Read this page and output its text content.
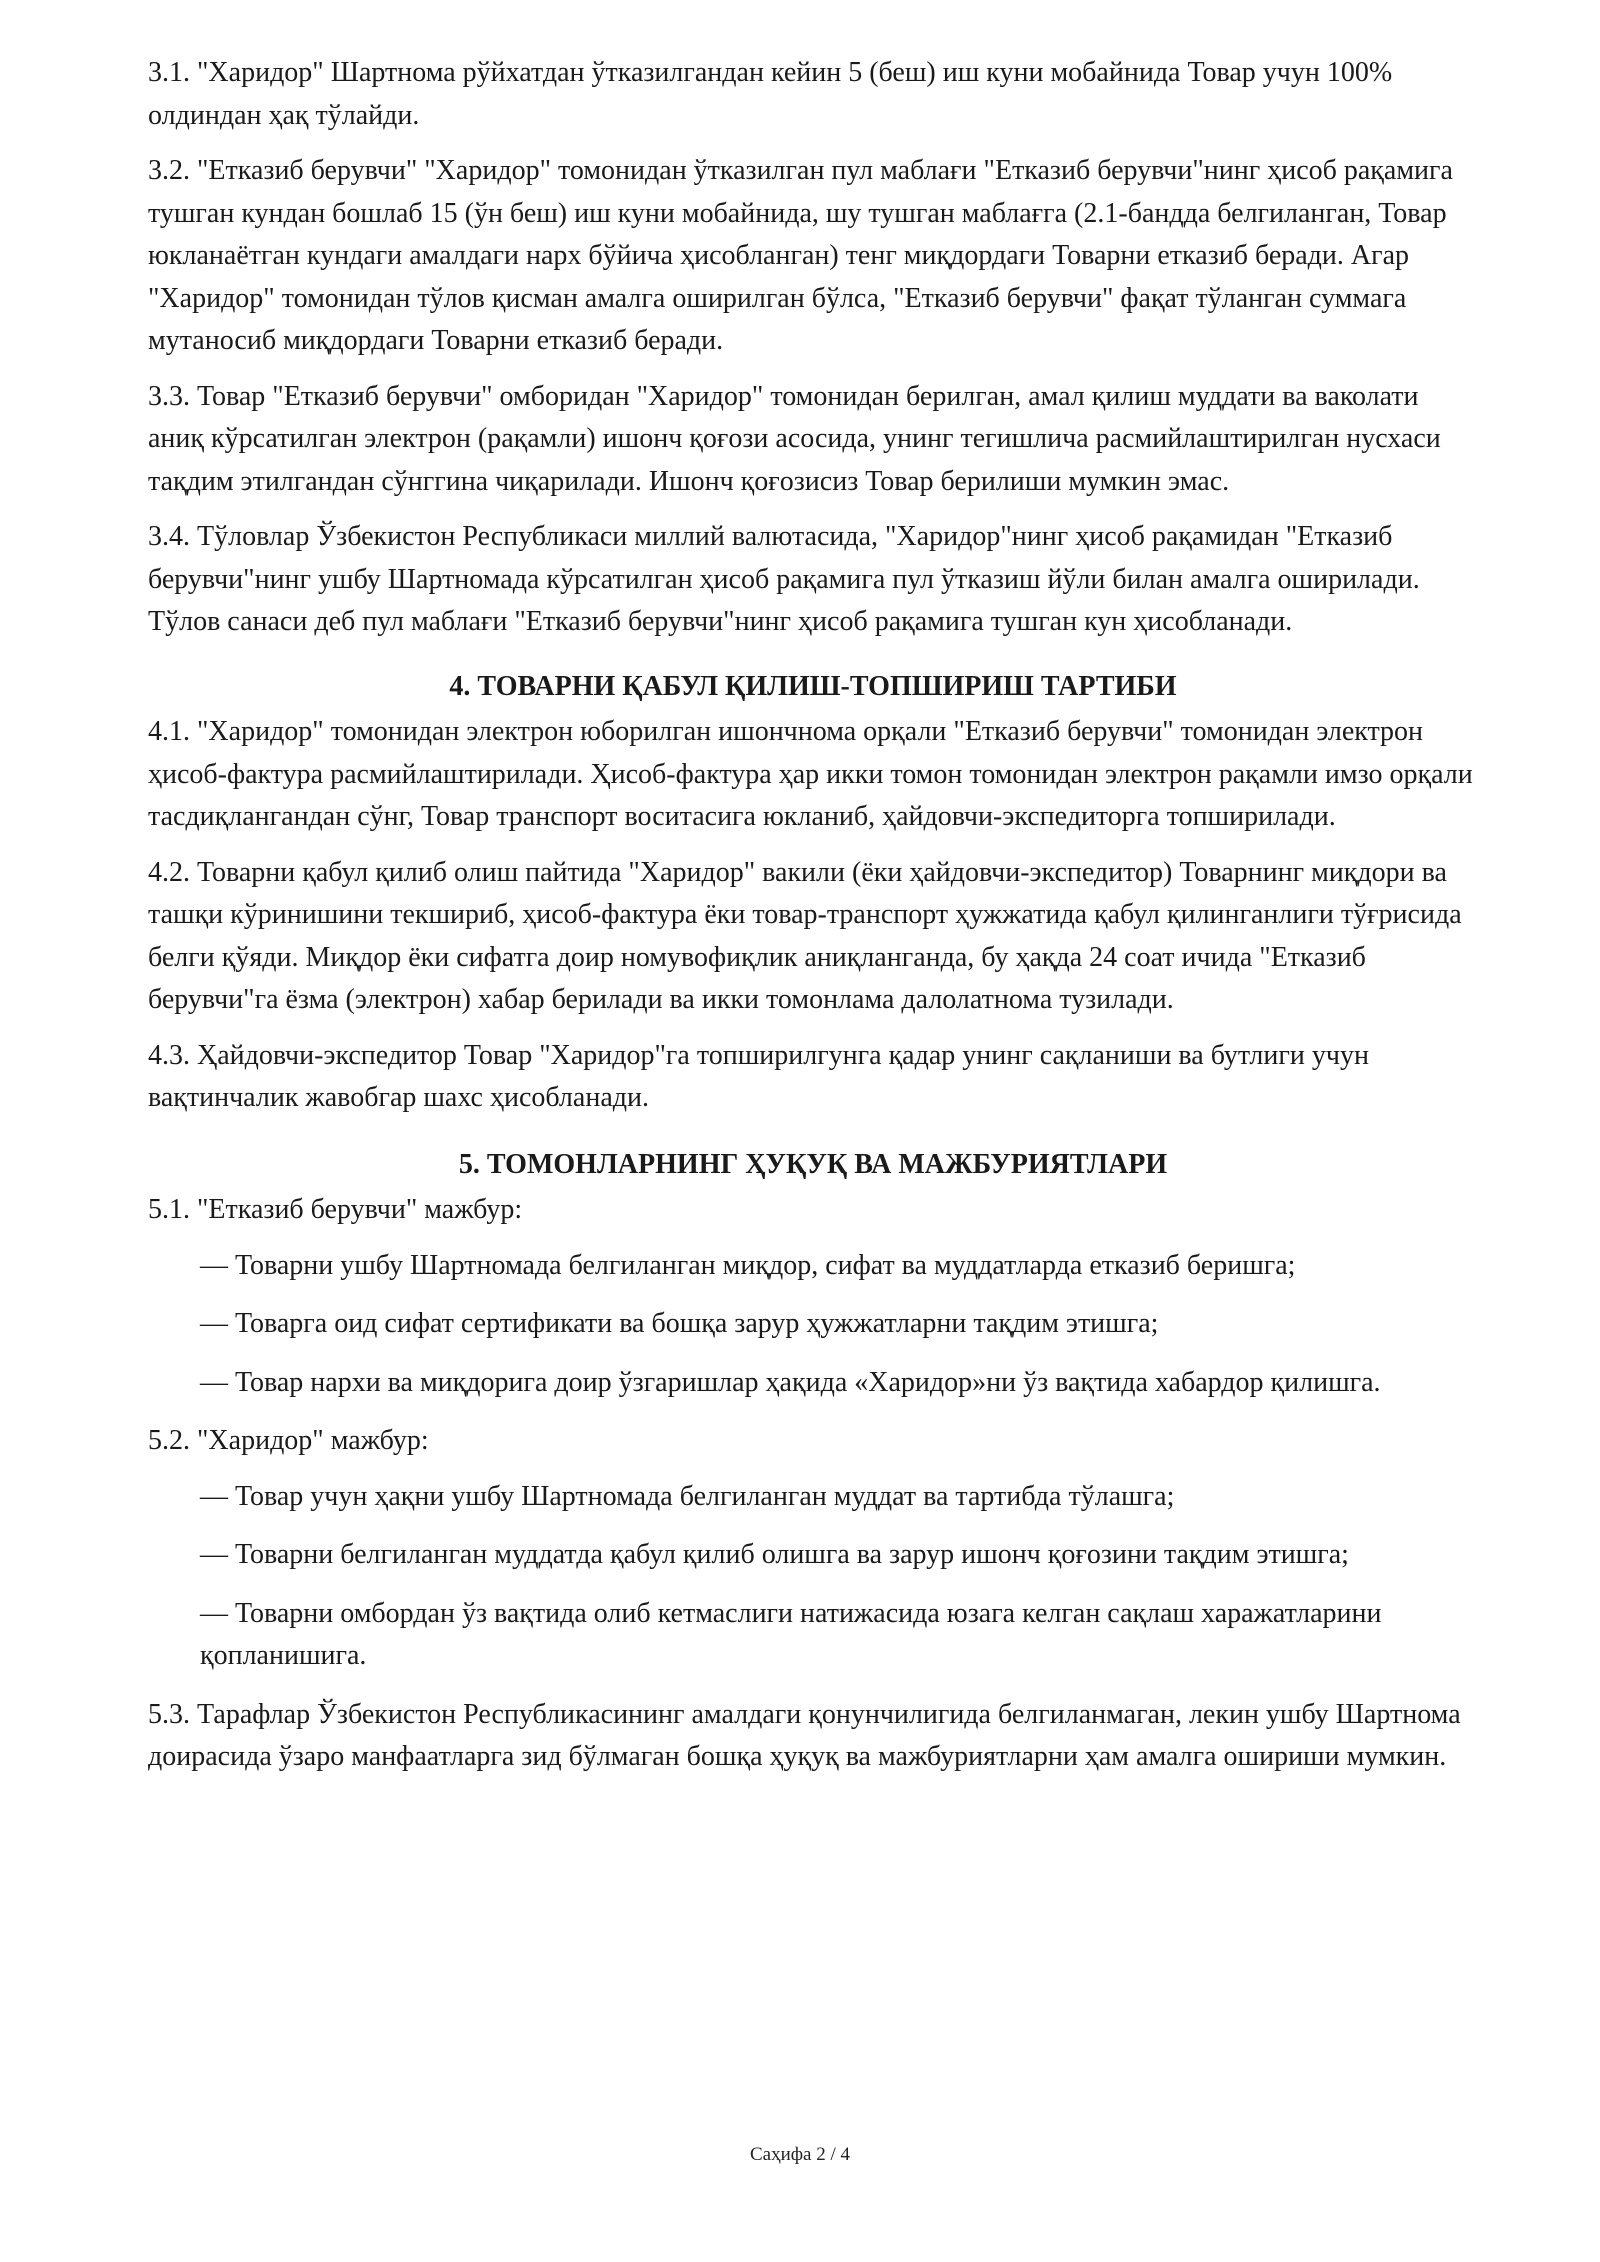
3.1. "Харидор" Шартнома рўйхатдан ўтказилгандан кейин 5 (беш) иш куни мобайнида Товар учун 100% олдиндан ҳақ тўлайди.

3.2. "Етказиб берувчи" "Харидор" томонидан ўтказилган пул маблағи "Етказиб берувчи"нинг ҳисоб рақамига тушган кундан бошлаб 15 (ўн беш) иш куни мобайнида, шу тушган маблағга (2.1-бандда белгиланган, Товар юкланаётган кундаги амалдаги нарх бўйича ҳисобланган) тенг миқдордаги Товарни етказиб беради. Агар "Харидор" томонидан тўлов қисман амалга оширилган бўлса, "Етказиб берувчи" фақат тўланган суммага мутаносиб миқдордаги Товарни етказиб беради.

3.3. Товар "Етказиб берувчи" омборидан "Харидор" томонидан берилган, амал қилиш муддати ва ваколати аниқ кўрсатилган электрон (рақамли) ишонч қоғози асосида, унинг тегишлича расмийлаштирилган нусхаси тақдим этилгандан сўнггина чиқарилади. Ишонч қоғозисиз Товар берилиши мумкин эмас.

3.4. Тўловлар Ўзбекистон Республикаси миллий валютасида, "Харидор"нинг ҳисоб рақамидан "Етказиб берувчи"нинг ушбу Шартномада кўрсатилган ҳисоб рақамига пул ўтказиш йўли билан амалга оширилади. Тўлов санаси деб пул маблағи "Етказиб берувчи"нинг ҳисоб рақамига тушган кун ҳисобланади.

4. ТОВАРНИ ҚАБУЛ ҚИЛИШ-ТОПШИРИШ ТАРТИБИ

4.1. "Харидор" томонидан электрон юборилган ишончнома орқали "Етказиб берувчи" томонидан электрон ҳисоб-фактура расмийлаштирилади. Ҳисоб-фактура ҳар икки томон томонидан электрон рақамли имзо орқали тасдиқлангандан сўнг, Товар транспорт воситасига юкланиб, ҳайдовчи-экспедиторга топширилади.

4.2. Товарни қабул қилиб олиш пайтида "Харидор" вакили (ёки ҳайдовчи-экспедитор) Товарнинг миқдори ва ташқи кўринишини текшириб, ҳисоб-фактура ёки товар-транспорт ҳужжатида қабул қилинганлиги тўғрисида белги қўяди. Миқдор ёки сифатга доир номувофиқлик аниқланганда, бу ҳақда 24 соат ичида "Етказиб берувчи"га ёзма (электрон) хабар берилади ва икки томонлама далолатнома тузилади.

4.3. Ҳайдовчи-экспедитор Товар "Харидор"га топширилгунга қадар унинг сақланиши ва бутлиги учун вақтинчалик жавобгар шахс ҳисобланади.

5. ТОМОНЛАРНИНГ ҲУҚУҚ ВА МАЖБУРИЯТЛАРИ

5.1. "Етказиб берувчи" мажбур:

— Товарни ушбу Шартномада белгиланган миқдор, сифат ва муддатларда етказиб беришга;
— Товарга оид сифат сертификати ва бошқа зарур ҳужжатларни тақдим этишга;
— Товар нархи ва миқдорига доир ўзгаришлар ҳақида «Харидор»ни ўз вақтида хабардор қилишга.

5.2. "Харидор" мажбур:

— Товар учун ҳақни ушбу Шартномада белгиланган муддат ва тартибда тўлашга;
— Товарни белгиланган муддатда қабул қилиб олишга ва зарур ишонч қоғозини тақдим этишга;
— Товарни омбордан ўз вақтида олиб кетмаслиги натижасида юзага келган сақлаш харажатларини қопланишига.

5.3. Тарафлар Ўзбекистон Республикасининг амалдаги қонунчилигида белгиланмаган, лекин ушбу Шартнома доирасида ўзаро манфаатларга зид бўлмаган бошқа ҳуқуқ ва мажбуриятларни ҳам амалга ошириши мумкин.

Саҳифа 2 / 4
